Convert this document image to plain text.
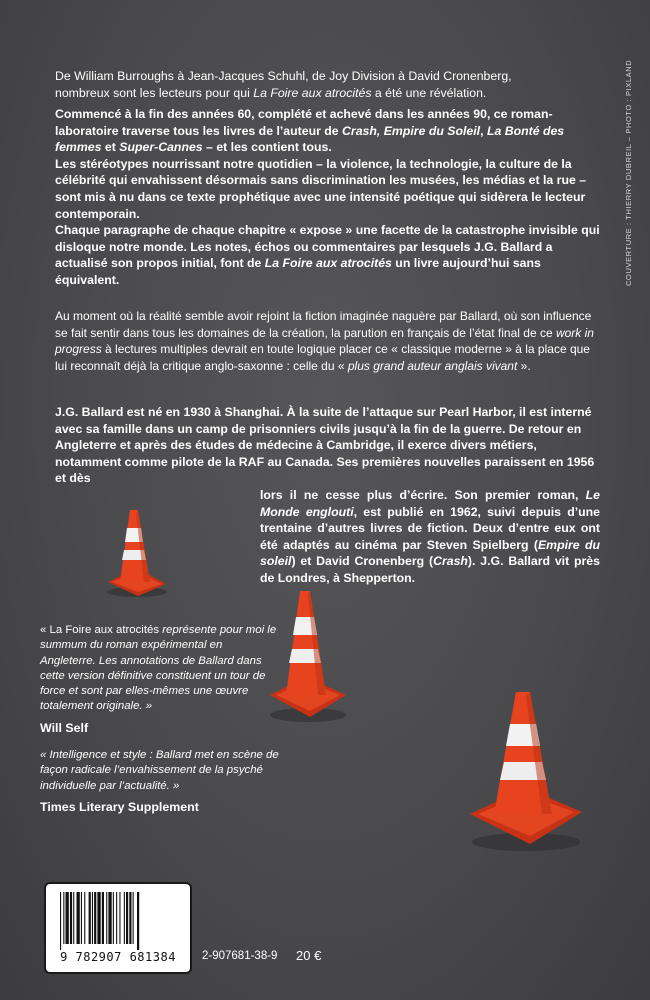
COUVERTURE : THIERRY DUBREIL – PHOTO : PIXLAND
De William Burroughs à Jean-Jacques Schuhl, de Joy Division à David Cronenberg,
nombreux sont les lecteurs pour qui La Foire aux atrocités a été une révélation.

Commencé à la fin des années 60, complété et achevé dans les années 90, ce roman-laboratoire traverse tous les livres de l’auteur de Crash, Empire du Soleil, La Bonté des femmes et Super-Cannes – et les contient tous.

Les stéréotypes nourrissant notre quotidien – la violence, la technologie, la culture de la célébrité qui envahissent désormais sans discrimination les musées, les médias et la rue – sont mis à nu dans ce texte prophétique avec une intensité poétique qui sidèrera le lecteur contemporain.

Chaque paragraphe de chaque chapitre « expose » une facette de la catastrophe invisible qui disloque notre monde. Les notes, échos ou commentaires par lesquels J.G. Ballard a actualisé son propos initial, font de La Foire aux atrocités un livre aujourd’hui sans équivalent.

Au moment où la réalité semble avoir rejoint la fiction imaginée naguère par Ballard, où son influence se fait sentir dans tous les domaines de la création, la parution en français de l’état final de ce work in progress à lectures multiples devrait en toute logique placer ce « classique moderne » à la place que lui reconnaît déjà la critique anglo-saxonne : celle du « plus grand auteur anglais vivant ».

J.G. Ballard est né en 1930 à Shanghai. À la suite de l’attaque sur Pearl Harbor, il est interné avec sa famille dans un camp de prisonniers civils jusqu’à la fin de la guerre. De retour en Angleterre et après des études de médecine à Cambridge, il exerce divers métiers, notamment comme pilote de la RAF au Canada. Ses premières nouvelles paraissent en 1956 et dès
lors il ne cesse plus d’écrire. Son premier roman, Le Monde englouti, est publié en 1962, suivi depuis d’une trentaine d’autres livres de fiction. Deux d’entre eux ont été adaptés au cinéma par Steven Spielberg (Empire du soleil) et David Cronenberg (Crash). J.G. Ballard vit près de Londres, à Shepperton.

« La Foire aux atrocités représente pour moi le summum du roman expérimental en Angleterre. Les annotations de Ballard dans cette version définitive constituent un tour de force et sont par elles-mêmes une œuvre totalement originale. »

Will Self

« Intelligence et style : Ballard met en scène de façon radicale l’envahissement de la psyché individuelle par l’actualité. »

Times Literary Supplement

9 782907 681384	2-907681-38-9 20 €
